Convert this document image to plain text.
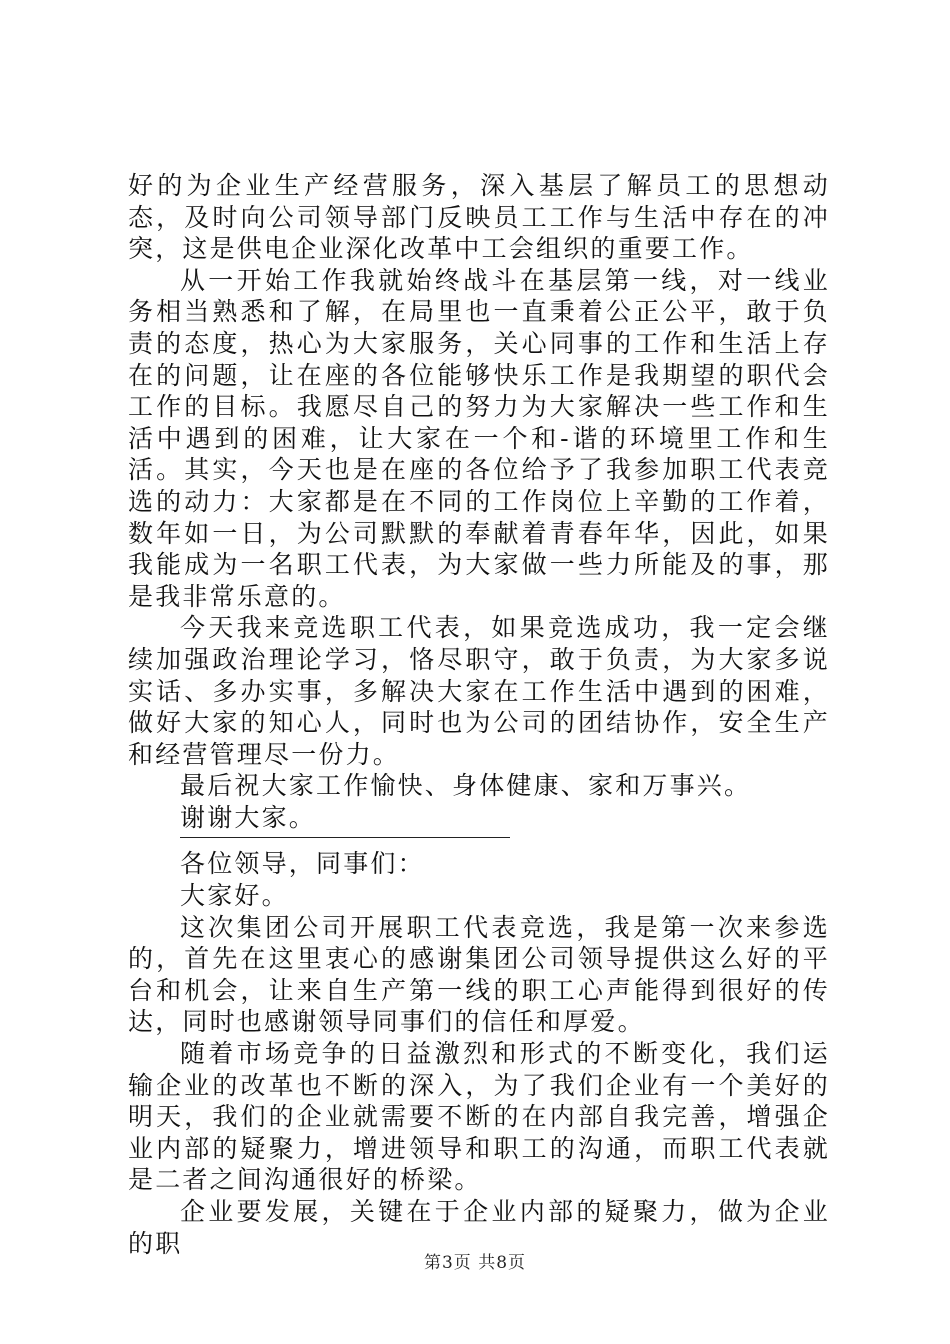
好的为企业生产经营服务，深入基层了解员工的思想动态，及时向公司领导部门反映员工工作与生活中存在的冲突，这是供电企业深化改革中工会组织的重要工作。

从一开始工作我就始终战斗在基层第一线，对一线业务相当熟悉和了解，在局里也一直秉着公正公平，敢于负责的态度，热心为大家服务，关心同事的工作和生活上存在的问题，让在座的各位能够快乐工作是我期望的职代会工作的目标。我愿尽自己的努力为大家解决一些工作和生活中遇到的困难，让大家在一个和-谐的环境里工作和生活。其实，今天也是在座的各位给予了我参加职工代表竞选的动力：大家都是在不同的工作岗位上辛勤的工作着，数年如一日，为公司默默的奉献着青春年华，因此，如果我能成为一名职工代表，为大家做一些力所能及的事，那是我非常乐意的。

今天我来竞选职工代表，如果竞选成功，我一定会继续加强政治理论学习，恪尽职守，敢于负责，为大家多说实话、多办实事，多解决大家在工作生活中遇到的困难，做好大家的知心人，同时也为公司的团结协作，安全生产和经营管理尽一份力。

最后祝大家工作愉快、身体健康、家和万事兴。

谢谢大家。

各位领导，同事们：

大家好。

这次集团公司开展职工代表竞选，我是第一次来参选的，首先在这里衷心的感谢集团公司领导提供这么好的平台和机会，让来自生产第一线的职工心声能得到很好的传达，同时也感谢领导同事们的信任和厚爱。

随着市场竞争的日益激烈和形式的不断变化，我们运输企业的改革也不断的深入，为了我们企业有一个美好的明天，我们的企业就需要不断的在内部自我完善，增强企业内部的疑聚力，增进领导和职工的沟通，而职工代表就是二者之间沟通很好的桥梁。

企业要发展，关键在于企业内部的疑聚力，做为企业的职

第3页 共8页
